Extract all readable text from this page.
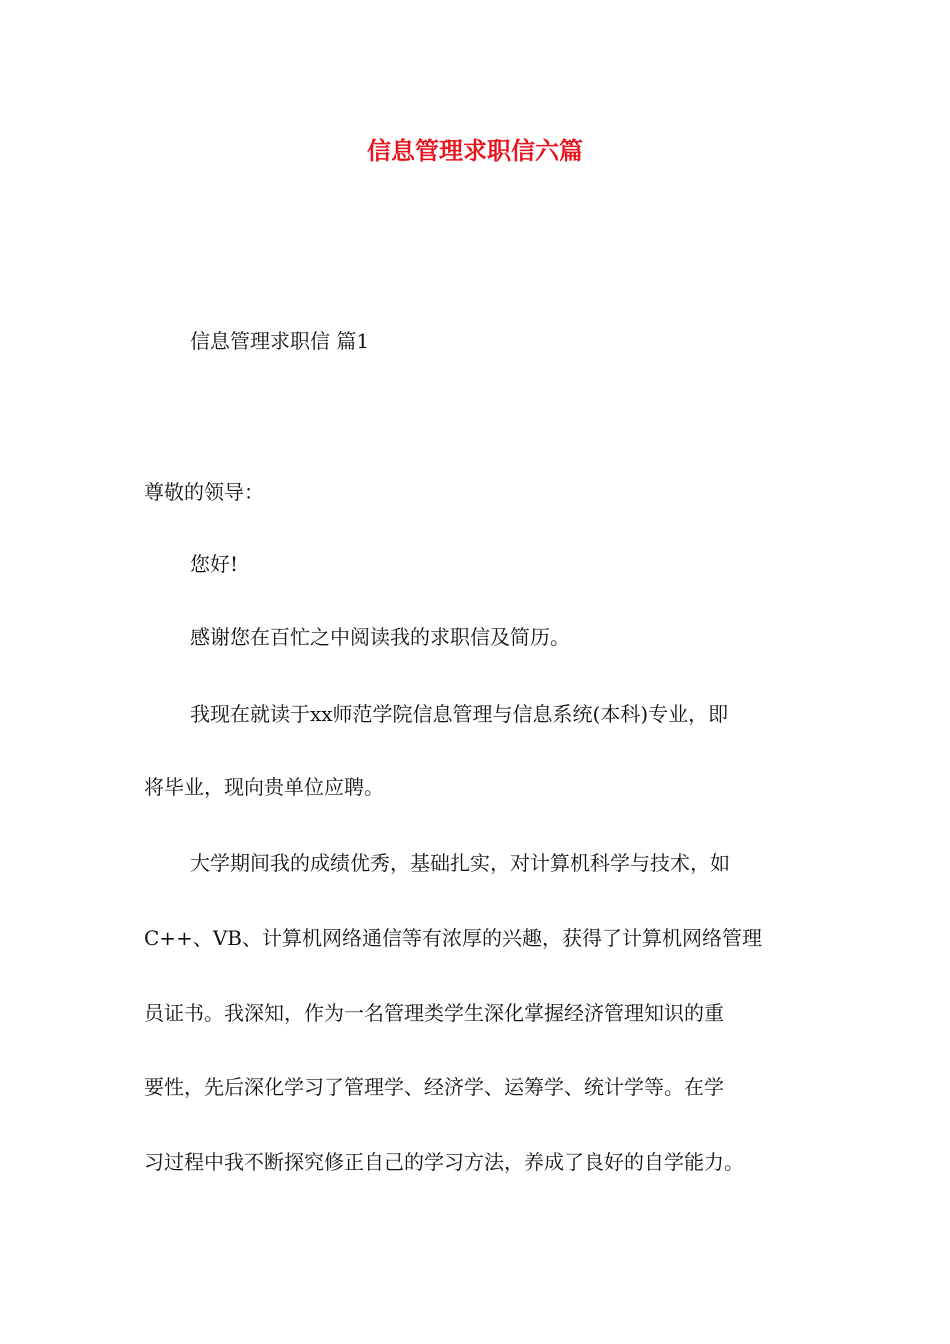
信息管理求职信六篇
信息管理求职信 篇1
尊敬的领导：
您好!
感谢您在百忙之中阅读我的求职信及简历。
我现在就读于xx师范学院信息管理与信息系统(本科)专业，即
将毕业，现向贵单位应聘。
大学期间我的成绩优秀，基础扎实，对计算机科学与技术，如
C++、VB、计算机网络通信等有浓厚的兴趣，获得了计算机网络管理
员证书。我深知，作为一名管理类学生深化掌握经济管理知识的重
要性，先后深化学习了管理学、经济学、运筹学、统计学等。在学
习过程中我不断探究修正自己的学习方法，养成了良好的自学能力。
